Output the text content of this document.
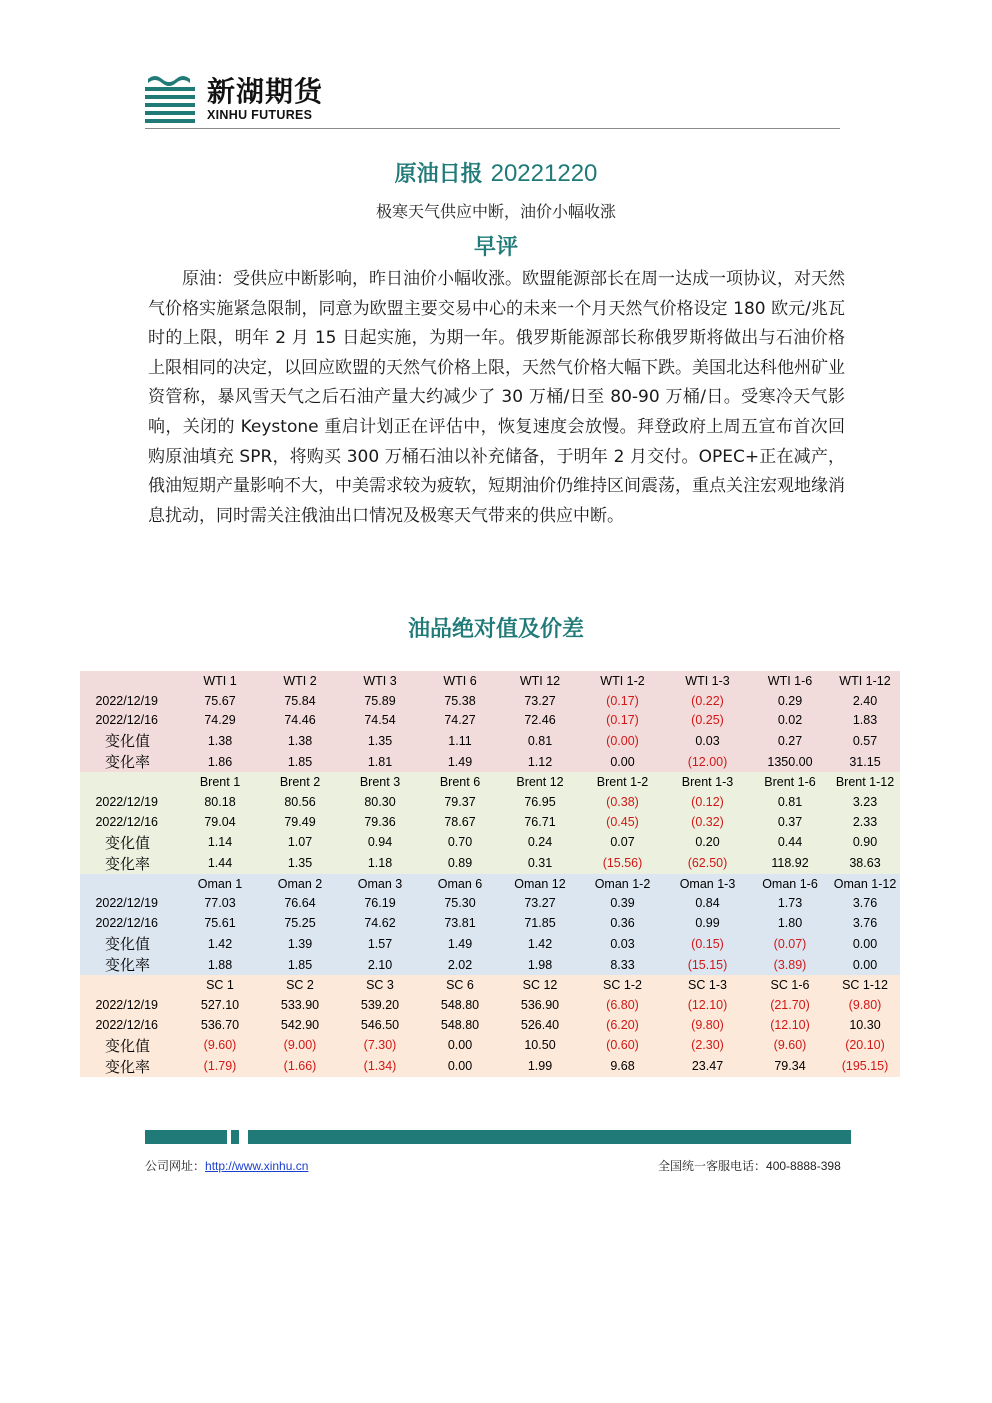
新湖期货
XINHU FUTURES
原油日报 20221220
极寒天气供应中断，油价小幅收涨
早评

原油：受供应中断影响，昨日油价小幅收涨。欧盟能源部长在周一达成一项协议，对天然气价格实施紧急限制，同意为欧盟主要交易中心的未来一个月天然气价格设定 180 欧元/兆瓦时的上限，明年 2 月 15 日起实施，为期一年。俄罗斯能源部长称俄罗斯将做出与石油价格上限相同的决定，以回应欧盟的天然气价格上限，天然气价格大幅下跌。美国北达科他州矿业资管称，暴风雪天气之后石油产量大约减少了 30 万桶/日至 80-90 万桶/日。受寒冷天气影响，关闭的 Keystone 重启计划正在评估中，恢复速度会放慢。拜登政府上周五宣布首次回购原油填充 SPR，将购买 300 万桶石油以补充储备，于明年 2 月交付。OPEC+正在减产，俄油短期产量影响不大，中美需求较为疲软，短期油价仍维持区间震荡，重点关注宏观地缘消息扰动，同时需关注俄油出口情况及极寒天气带来的供应中断。

油品绝对值及价差
	WTI 1	WTI 2	WTI 3	WTI 6	WTI 12	WTI 1-2	WTI 1-3	WTI 1-6	WTI 1-12
2022/12/19	75.67	75.84	75.89	75.38	73.27	(0.17)	(0.22)	0.29	2.40
2022/12/16	74.29	74.46	74.54	74.27	72.46	(0.17)	(0.25)	0.02	1.83
变化值	1.38	1.38	1.35	1.11	0.81	(0.00)	0.03	0.27	0.57
变化率	1.86	1.85	1.81	1.49	1.12	0.00	(12.00)	1350.00	31.15
	Brent 1	Brent 2	Brent 3	Brent 6	Brent 12	Brent 1-2	Brent 1-3	Brent 1-6	Brent 1-12
2022/12/19	80.18	80.56	80.30	79.37	76.95	(0.38)	(0.12)	0.81	3.23
2022/12/16	79.04	79.49	79.36	78.67	76.71	(0.45)	(0.32)	0.37	2.33
变化值	1.14	1.07	0.94	0.70	0.24	0.07	0.20	0.44	0.90
变化率	1.44	1.35	1.18	0.89	0.31	(15.56)	(62.50)	118.92	38.63
	Oman 1	Oman 2	Oman 3	Oman 6	Oman 12	Oman 1-2	Oman 1-3	Oman 1-6	Oman 1-12
2022/12/19	77.03	76.64	76.19	75.30	73.27	0.39	0.84	1.73	3.76
2022/12/16	75.61	75.25	74.62	73.81	71.85	0.36	0.99	1.80	3.76
变化值	1.42	1.39	1.57	1.49	1.42	0.03	(0.15)	(0.07)	0.00
变化率	1.88	1.85	2.10	2.02	1.98	8.33	(15.15)	(3.89)	0.00
	SC 1	SC 2	SC 3	SC 6	SC 12	SC 1-2	SC 1-3	SC 1-6	SC 1-12
2022/12/19	527.10	533.90	539.20	548.80	536.90	(6.80)	(12.10)	(21.70)	(9.80)
2022/12/16	536.70	542.90	546.50	548.80	526.40	(6.20)	(9.80)	(12.10)	10.30
变化值	(9.60)	(9.00)	(7.30)	0.00	10.50	(0.60)	(2.30)	(9.60)	(20.10)
变化率	(1.79)	(1.66)	(1.34)	0.00	1.99	9.68	23.47	79.34	(195.15)
公司网址：http://www.xinhu.cn	全国统一客服电话：400-8888-398
